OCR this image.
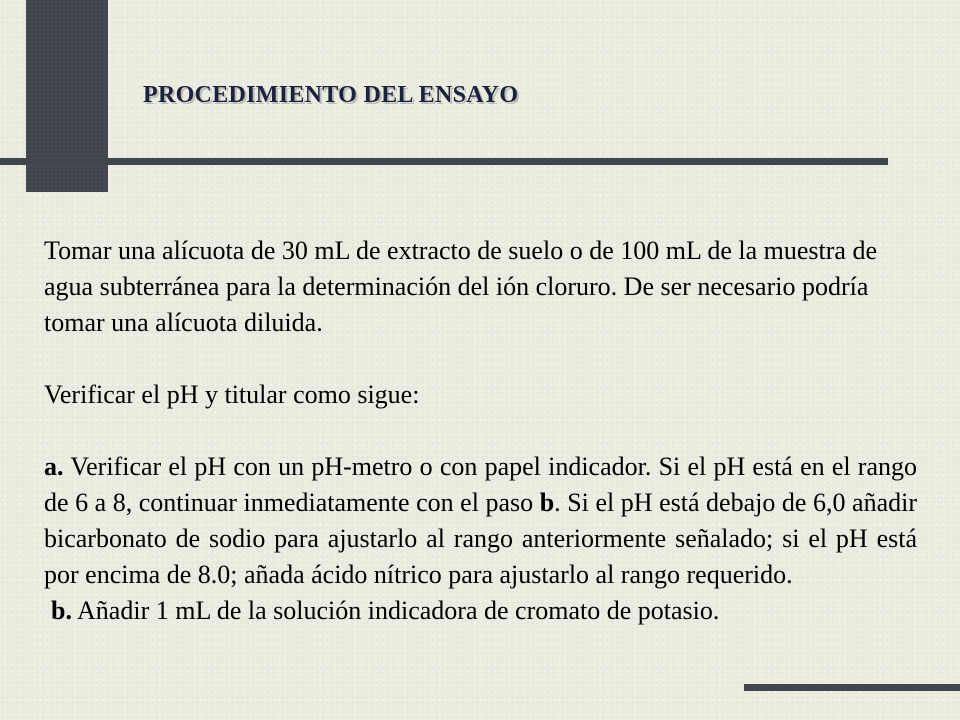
PROCEDIMIENTO DEL ENSAYO

Tomar una alícuota de 30 mL de extracto de suelo o de 100 mL de la muestra de agua subterránea para la determinación del ión cloruro. De ser necesario podría tomar una alícuota diluida.

Verificar el pH y titular como sigue:

a. Verificar el pH con un pH-metro o con papel indicador. Si el pH está en el rango de 6 a 8, continuar inmediatamente con el paso b. Si el pH está debajo de 6,0 añadir bicarbonato de sodio para ajustarlo al rango anteriormente señalado; si el pH está por encima de 8.0; añada ácido nítrico para ajustarlo al rango requerido.

b. Añadir 1 mL de la solución indicadora de cromato de potasio.
